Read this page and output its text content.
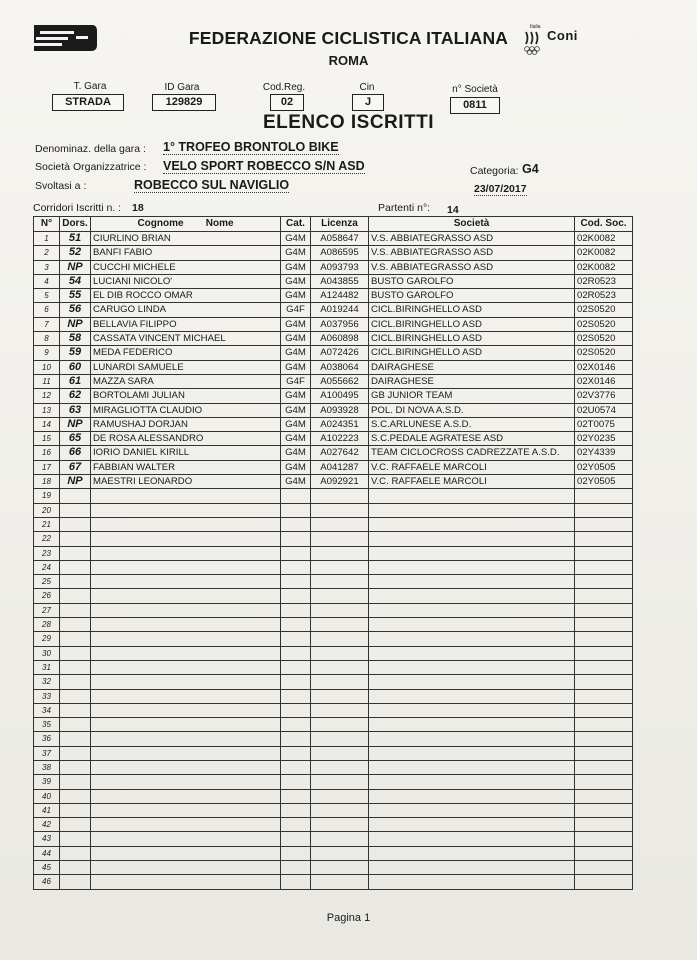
FEDERAZIONE CICLISTICA ITALIANA
ROMA
Italia
Coni
T. Gara
STRADA
ID Gara
129829
Cod.Reg.
02
Cin
J
n° Società
0811
ELENCO ISCRITTI
Denominaz. della gara : 1° TROFEO BRONTOLO BIKE
Società Organizzatrice : VELO SPORT ROBECCO S/N ASD	Categoria: G4
Svoltasi a :	ROBECCO SUL NAVIGLIO	23/07/2017
Corridori Iscritti n. : 18	Partenti n°: 14
N°	Dors.	Cognome        Nome	Cat.	Licenza	Società	Cod. Soc.
1	51	CIURLINO BRIAN	G4M	A058647	V.S. ABBIATEGRASSO ASD	02K0082
2	52	BANFI FABIO	G4M	A086595	V.S. ABBIATEGRASSO ASD	02K0082
3	NP	CUCCHI MICHELE	G4M	A093793	V.S. ABBIATEGRASSO ASD	02K0082
4	54	LUCIANI NICOLO'	G4M	A043855	BUSTO GAROLFO	02R0523
5	55	EL DIB ROCCO OMAR	G4M	A124482	BUSTO GAROLFO	02R0523
6	56	CARUGO LINDA	G4F	A019244	CICL.BIRINGHELLO ASD	02S0520
7	NP	BELLAVIA FILIPPO	G4M	A037956	CICL.BIRINGHELLO ASD	02S0520
8	58	CASSATA VINCENT MICHAEL	G4M	A060898	CICL.BIRINGHELLO ASD	02S0520
9	59	MEDA FEDERICO	G4M	A072426	CICL.BIRINGHELLO ASD	02S0520
10	60	LUNARDI SAMUELE	G4M	A038064	DAIRAGHESE	02X0146
11	61	MAZZA SARA	G4F	A055662	DAIRAGHESE	02X0146
12	62	BORTOLAMI JULIAN	G4M	A100495	GB JUNIOR TEAM	02V3776
13	63	MIRAGLIOTTA CLAUDIO	G4M	A093928	POL. DI NOVA A.S.D.	02U0574
14	NP	RAMUSHAJ DORJAN	G4M	A024351	S.C.ARLUNESE A.S.D.	02T0075
15	65	DE ROSA ALESSANDRO	G4M	A102223	S.C.PEDALE AGRATESE ASD	02Y0235
16	66	IORIO DANIEL KIRILL	G4M	A027642	TEAM CICLOCROSS CADREZZATE A.S.D.	02Y4339
17	67	FABBIAN WALTER	G4M	A041287	V.C. RAFFAELE MARCOLI	02Y0505
18	NP	MAESTRI LEONARDO	G4M	A092921	V.C. RAFFAELE MARCOLI	02Y0505
19						
20						
21						
22						
23						
24						
25						
26						
27						
28						
29						
30						
31						
32						
33						
34						
35						
36						
37						
38						
39						
40						
41						
42						
43						
44						
45						
46						
Pagina 1
